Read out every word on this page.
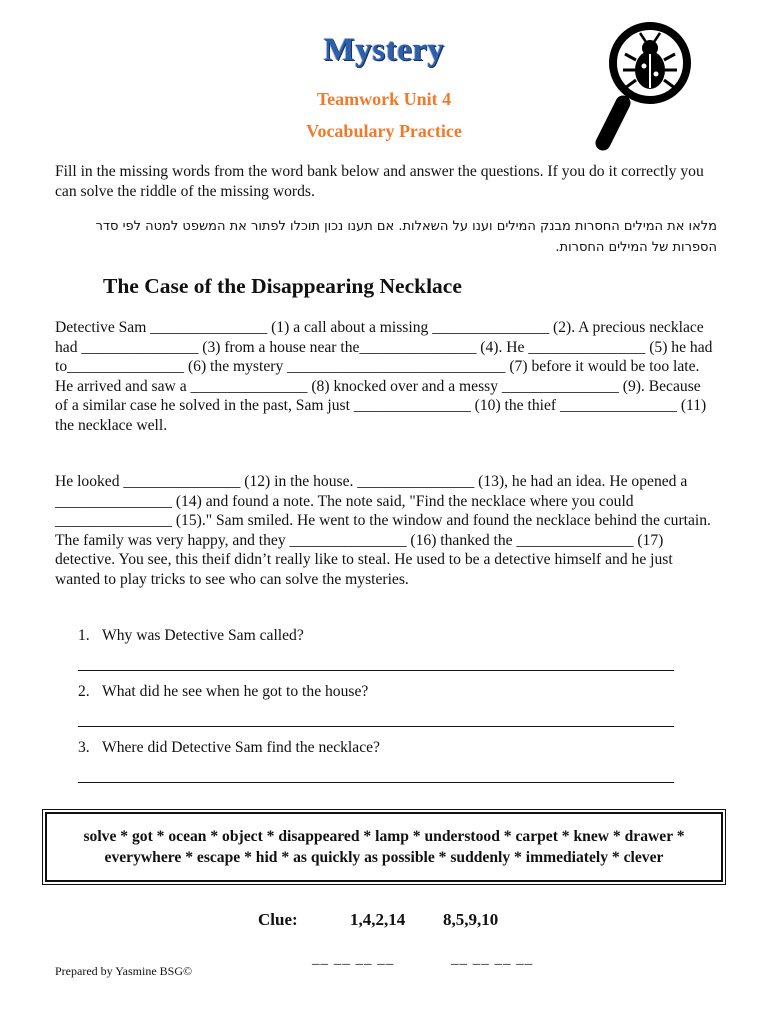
Mystery
Teamwork Unit 4
Vocabulary Practice
Fill in the missing words from the word bank below and answer the questions. If you do it correctly you can solve the riddle of the missing words.
מלאו את המילים החסרות מבנק המילים וענו על השאלות. אם תענו נכון תוכלו לפתור את המשפט למטה לפי סדר הספרות של המילים החסרות.
The Case of the Disappearing Necklace
Detective Sam _______________ (1) a call about a missing _______________ (2). A precious necklace had _______________ (3) from a house near the_______________ (4). He _______________ (5) he had to_______________ (6) the mystery ____________________________ (7) before it would be too late. He arrived and saw a _______________ (8) knocked over and a messy _______________ (9). Because of a similar case he solved in the past, Sam just _______________ (10) the thief _______________ (11) the necklace well.
He looked _______________ (12) in the house. _______________ (13), he had an idea. He opened a _______________ (14) and found a note. The note said, "Find the necklace where you could _______________ (15)." Sam smiled. He went to the window and found the necklace behind the curtain. The family was very happy, and they _______________ (16) thanked the _______________ (17) detective. You see, this theif didn’t really like to steal. He used to be a detective himself and he just wanted to play tricks to see who can solve the mysteries.
1. Why was Detective Sam called?
2. What did he see when he got to the house?
3. Where did Detective Sam find the necklace?
solve * got * ocean * object * disappeared * lamp * understood * carpet * knew * drawer * everywhere * escape * hid * as quickly as possible * suddenly * immediately * clever
Clue:	1,4,2,14 8,5,9,10
__ __ __ __	__ __ __ __
Prepared by Yasmine BSG©
